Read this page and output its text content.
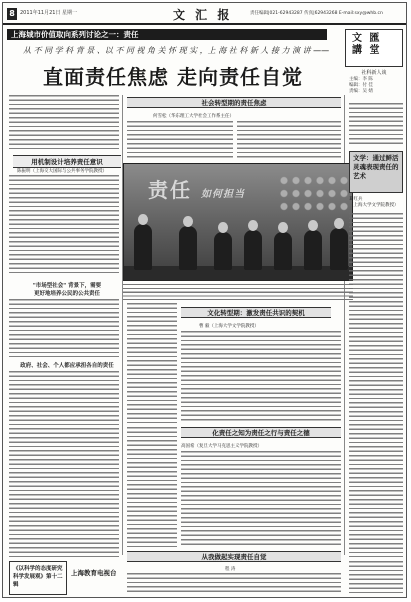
8	2011年11月21日 星期一	文 汇 报	责任编辑|021-62943287 传真|62943268 E-mail:sxy@whb.cn
上海城市价值取向系列讨论之一：责任
从 不 同 学 科 背 景 、以 不 同 视 角 关 怀 现 实 ，上 海 社 科 新 人 接 力 演 讲 ——
直面责任焦虑 走向责任自觉
文 匯 講 堂
社科新人谈
主编：李 陈
编辑：付 佳
责编：吴 婧
社会转型期的责任焦虑
何雪松（华东理工大学社会工作系主任）
用机制设计培养责任意识
陈振明（上海交大国际与公共事务学院教授）
"市场型社会" 背景下，需要
更好地培养公民的公共责任
政府、社会、个人都应承担各自的责任
责任 如何担当
文学：通过鲜活灵魂表现责任的艺术
葛红兵
（上海大学文学院教授）
文化转型期：激发责任共识的契机
曹 毅（上海大学文学院教授）
化责任之知为责任之行与责任之德
高国希（复旦大学马克思主义学院教授）
从我做起实现责任自觉
程 涛
《以科学的态度研究科学发展观》第十二辑
上海教育电视台
